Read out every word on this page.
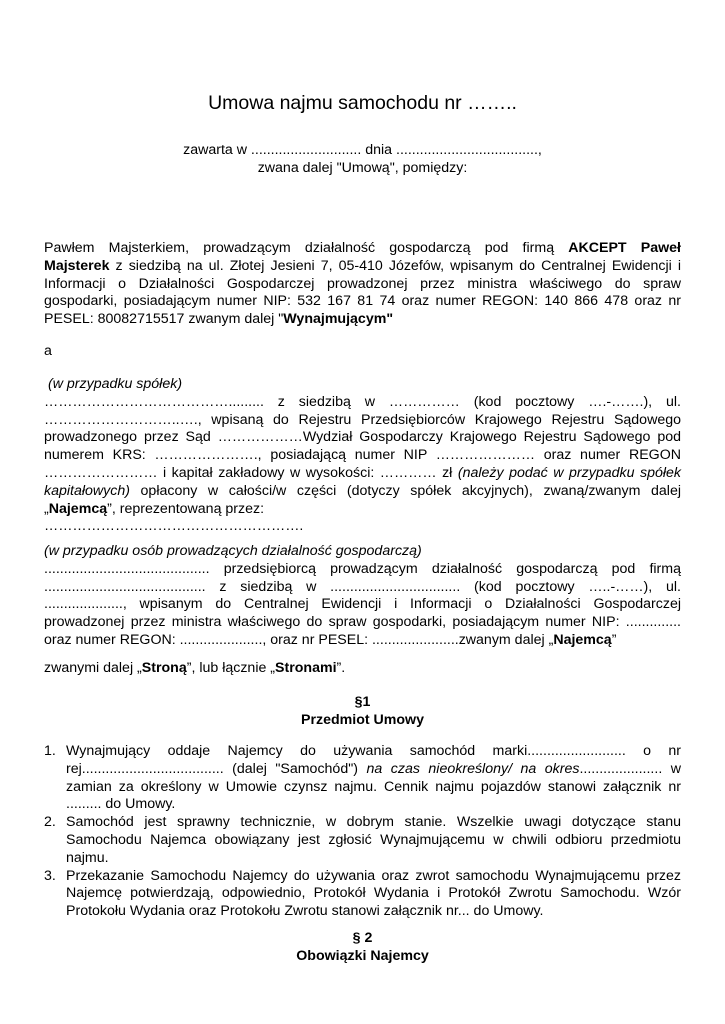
Umowa najmu samochodu nr ……..
zawarta w ............................ dnia ....................................,
zwana dalej "Umową", pomiędzy:
Pawłem Majsterkiem, prowadzącym działalność gospodarczą pod firmą AKCEPT Paweł
Majsterek z siedzibą na ul. Złotej Jesieni 7, 05-410 Józefów, wpisanym do Centralnej Ewidencji i
Informacji o Działalności Gospodarczej prowadzonej przez ministra właściwego do spraw
gospodarki, posiadającym numer NIP: 532 167 81 74 oraz numer REGON: 140 866 478 oraz nr
PESEL: 80082715517 zwanym dalej "Wynajmującym"
a
(w przypadku spółek)
…………………………………......... z siedzibą w …………… (kod pocztowy ….-…….), ul.
………………………..…., wpisaną do Rejestru Przedsiębiorców Krajowego Rejestru Sądowego
prowadzonego przez Sąd ………………Wydział Gospodarczy Krajowego Rejestru Sądowego pod
numerem KRS: …………………., posiadającą numer NIP ………………… oraz numer REGON
…………………… i kapitał zakładowy w wysokości: ………… zł (należy podać w przypadku spółek
kapitałowych) opłacony w całości/w części (dotyczy spółek akcyjnych), zwaną/zwanym dalej
„Najemcą”, reprezentowaną przez:
……………………………………………….
(w przypadku osób prowadzących działalność gospodarczą)
.......................................... przedsiębiorcą prowadzącym działalność gospodarczą pod firmą
......................................... z siedzibą w ................................. (kod pocztowy …..-……), ul.
...................., wpisanym do Centralnej Ewidencji i Informacji o Działalności Gospodarczej
prowadzonej przez ministra właściwego do spraw gospodarki, posiadającym numer NIP: ..............
oraz numer REGON: ....................., oraz nr PESEL: ......................zwanym dalej „Najemcą”
zwanymi dalej „Stroną”, lub łącznie „Stronami”.
§1
Przedmiot Umowy
1. Wynajmujący oddaje Najemcy do używania samochód marki......................... o nr
rej.................................... (dalej "Samochód") na czas nieokreślony/ na okres..................... w
zamian za określony w Umowie czynsz najmu. Cennik najmu pojazdów stanowi załącznik nr
......... do Umowy.
2. Samochód jest sprawny technicznie, w dobrym stanie. Wszelkie uwagi dotyczące stanu
Samochodu Najemca obowiązany jest zgłosić Wynajmującemu w chwili odbioru przedmiotu
najmu.
3. Przekazanie Samochodu Najemcy do używania oraz zwrot samochodu Wynajmującemu przez
Najemcę potwierdzają, odpowiednio, Protokół Wydania i Protokół Zwrotu Samochodu. Wzór
Protokołu Wydania oraz Protokołu Zwrotu stanowi załącznik nr... do Umowy.
§ 2
Obowiązki Najemcy
